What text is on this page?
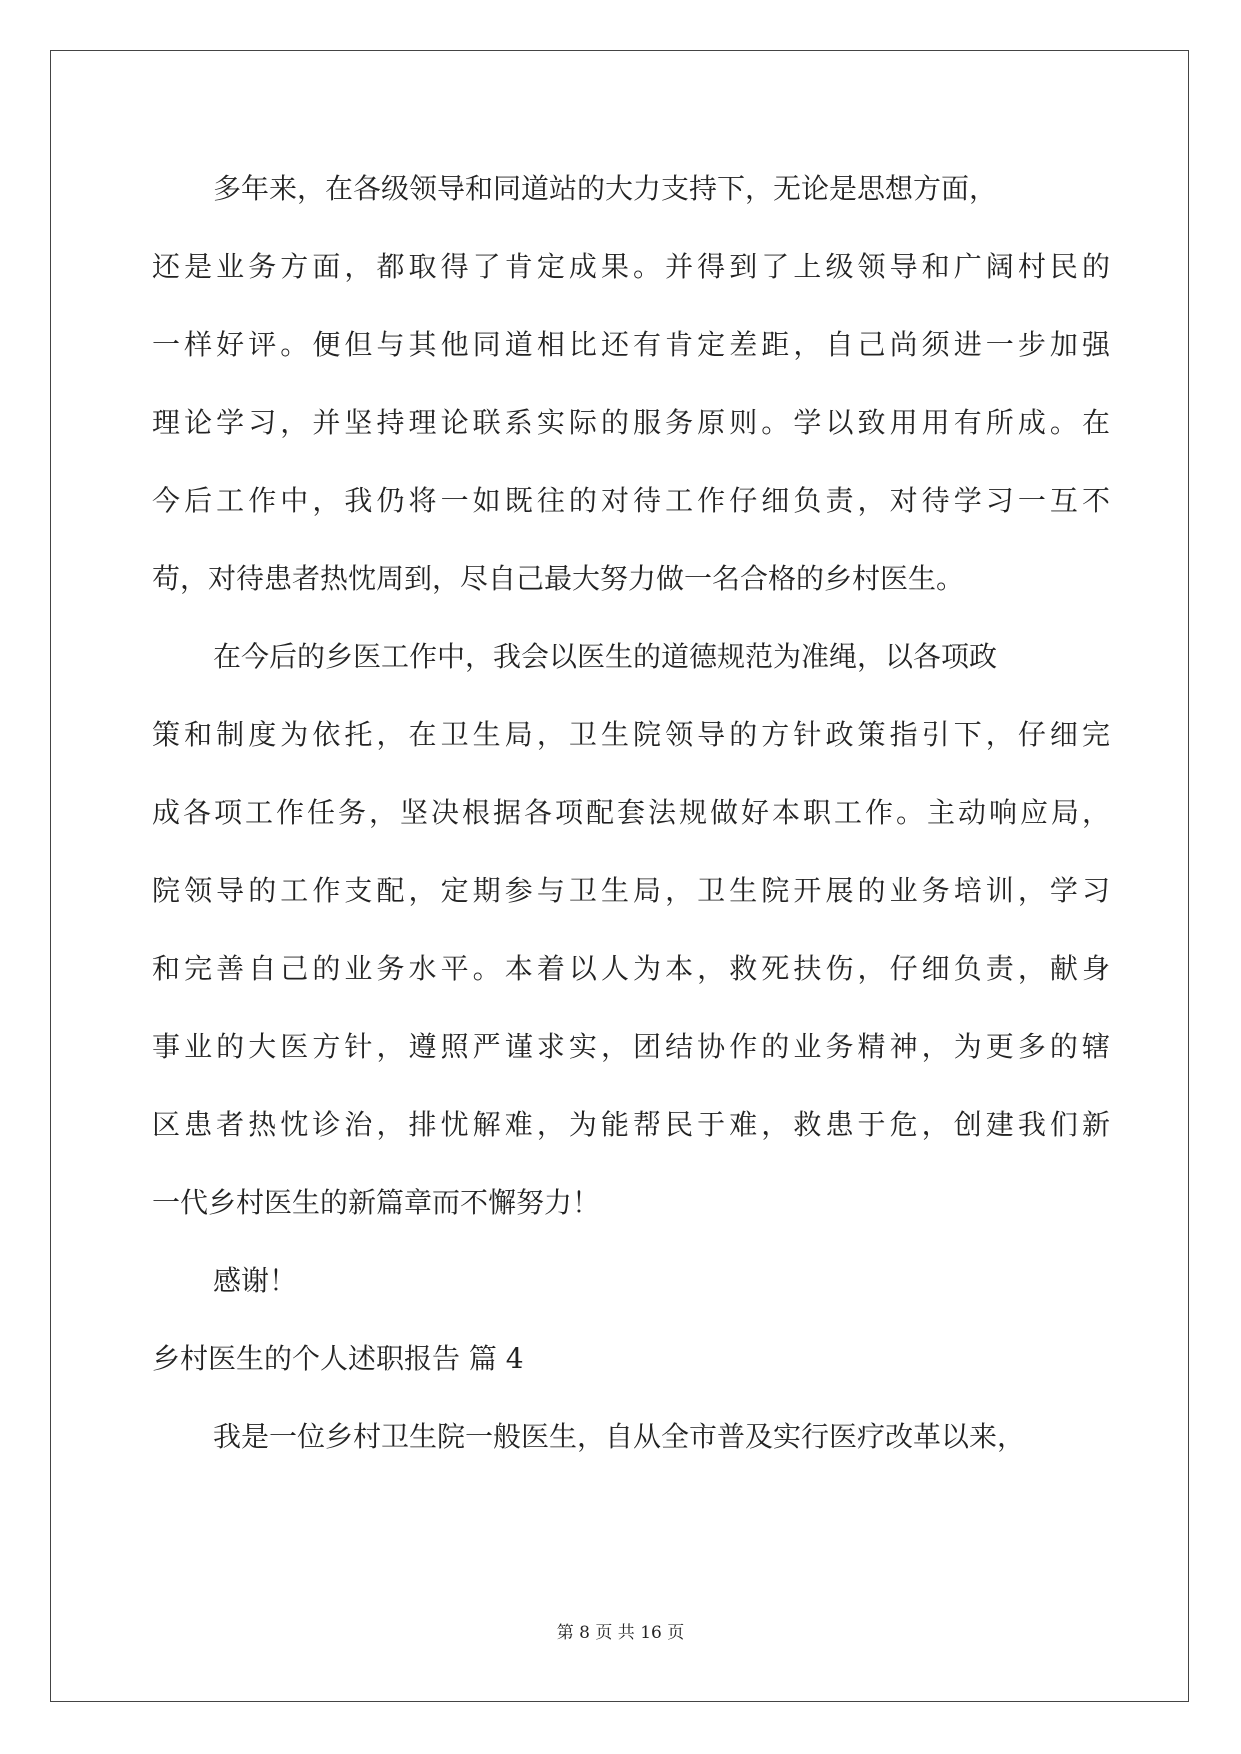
多年来，在各级领导和同道站的大力支持下，无论是思想方面，
还是业务方面，都取得了肯定成果。并得到了上级领导和广阔村民的
一样好评。便但与其他同道相比还有肯定差距，自己尚须进一步加强
理论学习，并坚持理论联系实际的服务原则。学以致用用有所成。在
今后工作中，我仍将一如既往的对待工作仔细负责，对待学习一互不
苟，对待患者热忱周到，尽自己最大努力做一名合格的乡村医生。
在今后的乡医工作中，我会以医生的道德规范为准绳，以各项政
策和制度为依托，在卫生局，卫生院领导的方针政策指引下，仔细完
成各项工作任务，坚决根据各项配套法规做好本职工作。主动响应局，
院领导的工作支配，定期参与卫生局，卫生院开展的业务培训，学习
和完善自己的业务水平。本着以人为本，救死扶伤，仔细负责，献身
事业的大医方针，遵照严谨求实，团结协作的业务精神，为更多的辖
区患者热忱诊治，排忧解难，为能帮民于难，救患于危，创建我们新
一代乡村医生的新篇章而不懈努力！
感谢！
乡村医生的个人述职报告 篇 4
我是一位乡村卫生院一般医生，自从全市普及实行医疗改革以来，
第 8 页 共 16 页
